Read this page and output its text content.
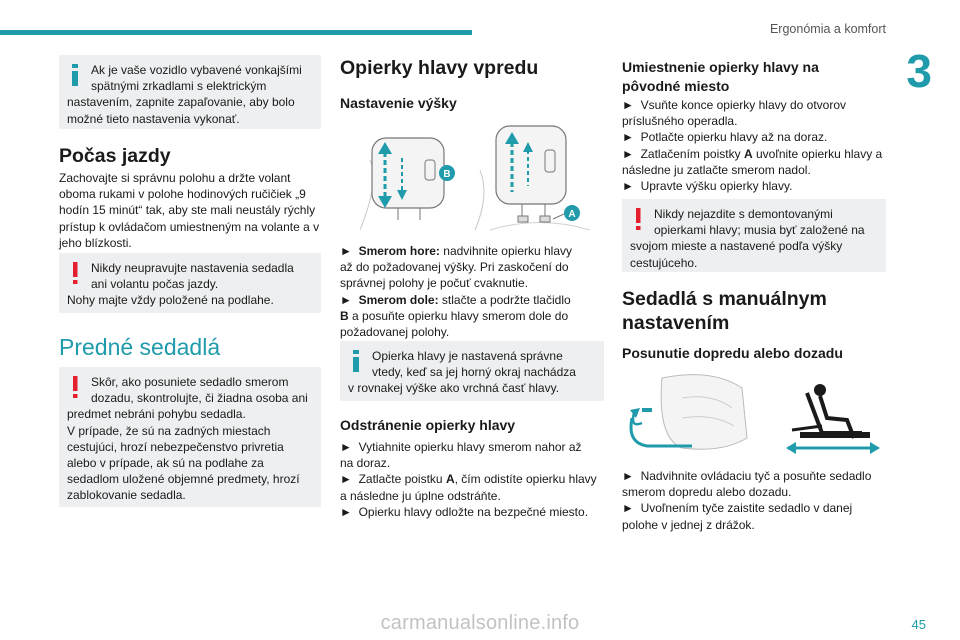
Ergonómia a komfort
3
Ak je vaše vozidlo vybavené vonkajšími
spätnými zrkadlami s elektrickým
nastavením, zapnite zapaľovanie, aby bolo
možné tieto nastavenia vykonať.
Počas jazdy
Zachovajte si správnu polohu a držte volant
oboma rukami v polohe hodinových ručičiek „9
hodín 15 minút“ tak, aby ste mali neustály rýchly
prístup k ovládačom umiestneným na volante a v
jeho blízkosti.
Nikdy neupravujte nastavenia sedadla
ani volantu počas jazdy.
Nohy majte vždy položené na podlahe.
Predné sedadlá
Skôr, ako posuniete sedadlo smerom
dozadu, skontrolujte, či žiadna osoba ani
predmet nebráni pohybu sedadla.
V prípade, že sú na zadných miestach
cestujúci, hrozí nebezpečenstvo privretia
alebo v prípade, ak sú na podlahe za
sedadlom uložené objemné predmety, hrozí
zablokovanie sedadla.
Opierky hlavy vpredu
Nastavenie výšky
B
A
► Smerom hore: nadvihnite opierku hlavy
až do požadovanej výšky. Pri zaskočení do
správnej polohy je počuť cvaknutie.
► Smerom dole: stlačte a podržte tlačidlo
B a posuňte opierku hlavy smerom dole do
požadovanej polohy.
Opierka hlavy je nastavená správne
vtedy, keď sa jej horný okraj nachádza
v rovnakej výške ako vrchná časť hlavy.
Odstránenie opierky hlavy
► Vytiahnite opierku hlavy smerom nahor až
na doraz.
► Zatlačte poistku A, čím odistíte opierku hlavy
a následne ju úplne odstráňte.
► Opierku hlavy odložte na bezpečné miesto.
Umiestnenie opierky hlavy na
pôvodné miesto
► Vsuňte konce opierky hlavy do otvorov
príslušného operadla.
► Potlačte opierku hlavy až na doraz.
► Zatlačením poistky A uvoľnite opierku hlavy a
následne ju zatlačte smerom nadol.
► Upravte výšku opierky hlavy.
Nikdy nejazdite s demontovanými
opierkami hlavy; musia byť založené na
svojom mieste a nastavené podľa výšky
cestujúceho.
Sedadlá s manuálnym
nastavením
Posunutie dopredu alebo dozadu
► Nadvihnite ovládaciu tyč a posuňte sedadlo
smerom dopredu alebo dozadu.
► Uvoľnením tyče zaistite sedadlo v danej
polohe v jednej z drážok.
45
carmanualsonline.info
